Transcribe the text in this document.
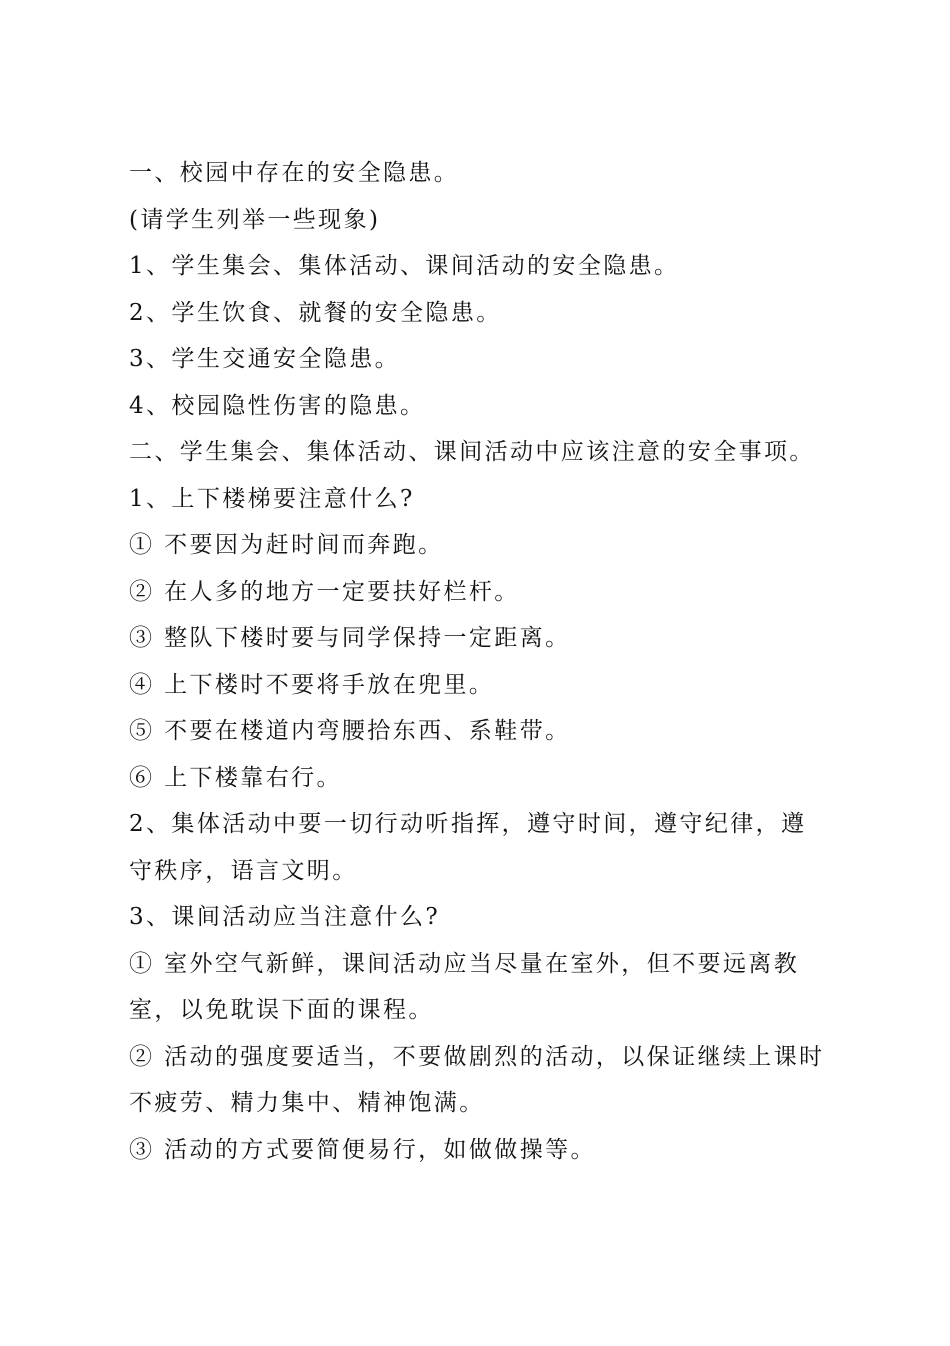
一、校园中存在的安全隐患。
(请学生列举一些现象)
1、学生集会、集体活动、课间活动的安全隐患。
2、学生饮食、就餐的安全隐患。
3、学生交通安全隐患。
4、校园隐性伤害的隐患。
二、学生集会、集体活动、课间活动中应该注意的安全事项。
1、上下楼梯要注意什么?
① 不要因为赶时间而奔跑。
② 在人多的地方一定要扶好栏杆。
③ 整队下楼时要与同学保持一定距离。
④ 上下楼时不要将手放在兜里。
⑤ 不要在楼道内弯腰拾东西、系鞋带。
⑥ 上下楼靠右行。
2、集体活动中要一切行动听指挥，遵守时间，遵守纪律，遵
守秩序，语言文明。
3、课间活动应当注意什么?
① 室外空气新鲜，课间活动应当尽量在室外，但不要远离教
室，以免耽误下面的课程。
② 活动的强度要适当，不要做剧烈的活动，以保证继续上课时
不疲劳、精力集中、精神饱满。
③ 活动的方式要简便易行，如做做操等。
